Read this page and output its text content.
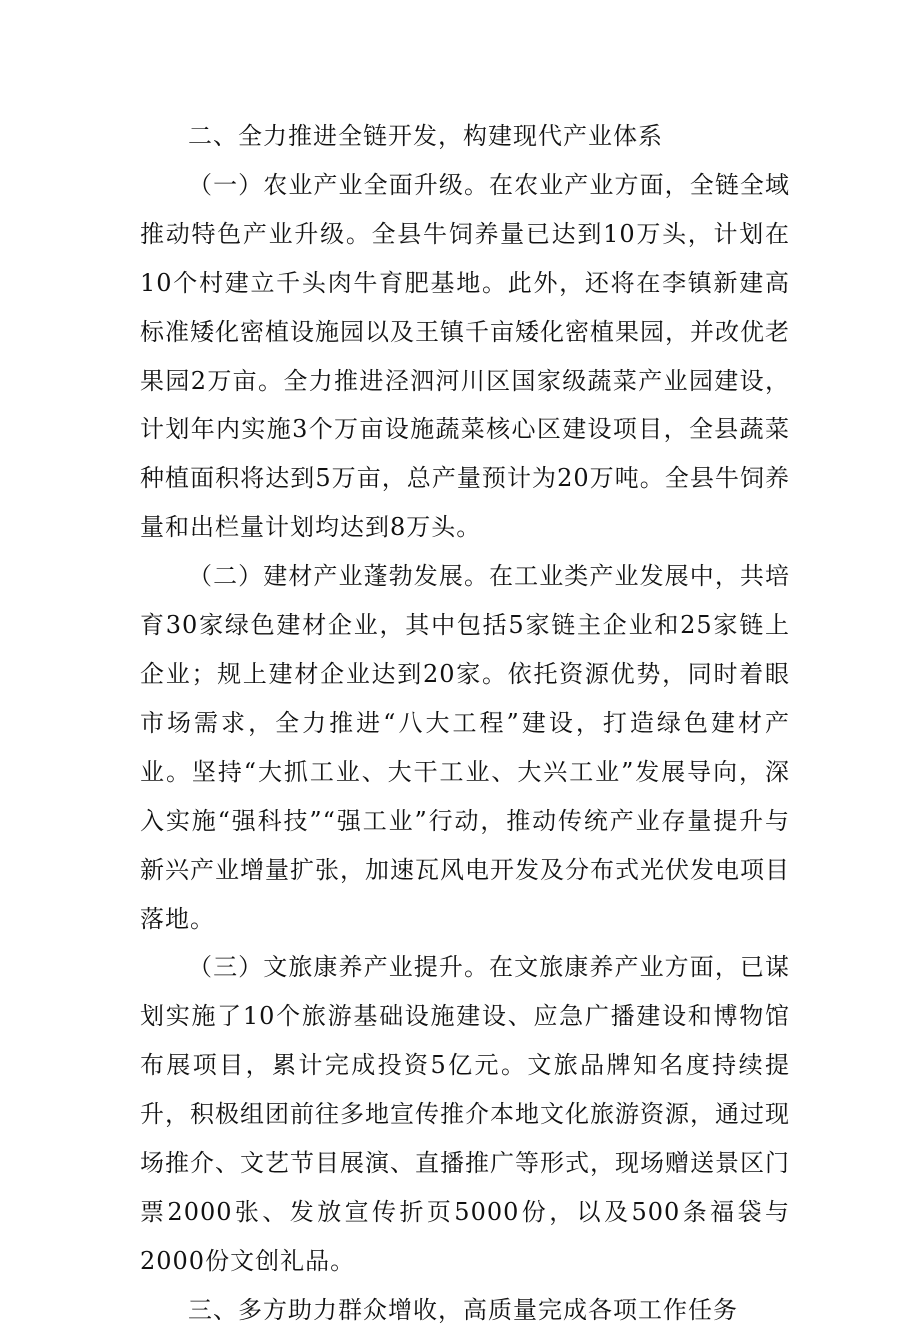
二、全力推进全链开发，构建现代产业体系

（一）农业产业全面升级。在农业产业方面，全链全域推动特色产业升级。全县牛饲养量已达到10万头，计划在10个村建立千头肉牛育肥基地。此外，还将在李镇新建高标准矮化密植设施园以及王镇千亩矮化密植果园，并改优老果园2万亩。全力推进泾泗河川区国家级蔬菜产业园建设，计划年内实施3个万亩设施蔬菜核心区建设项目，全县蔬菜种植面积将达到5万亩，总产量预计为20万吨。全县牛饲养量和出栏量计划均达到8万头。

（二）建材产业蓬勃发展。在工业类产业发展中，共培育30家绿色建材企业，其中包括5家链主企业和25家链上企业；规上建材企业达到20家。依托资源优势，同时着眼市场需求，全力推进“八大工程”建设，打造绿色建材产业。坚持“大抓工业、大干工业、大兴工业”发展导向，深入实施“强科技”“强工业”行动，推动传统产业存量提升与新兴产业增量扩张，加速瓦风电开发及分布式光伏发电项目落地。

（三）文旅康养产业提升。在文旅康养产业方面，已谋划实施了10个旅游基础设施建设、应急广播建设和博物馆布展项目，累计完成投资5亿元。文旅品牌知名度持续提升，积极组团前往多地宣传推介本地文化旅游资源，通过现场推介、文艺节目展演、直播推广等形式，现场赠送景区门票2000张、发放宣传折页5000份，以及500条福袋与2000份文创礼品。

三、多方助力群众增收，高质量完成各项工作任务
